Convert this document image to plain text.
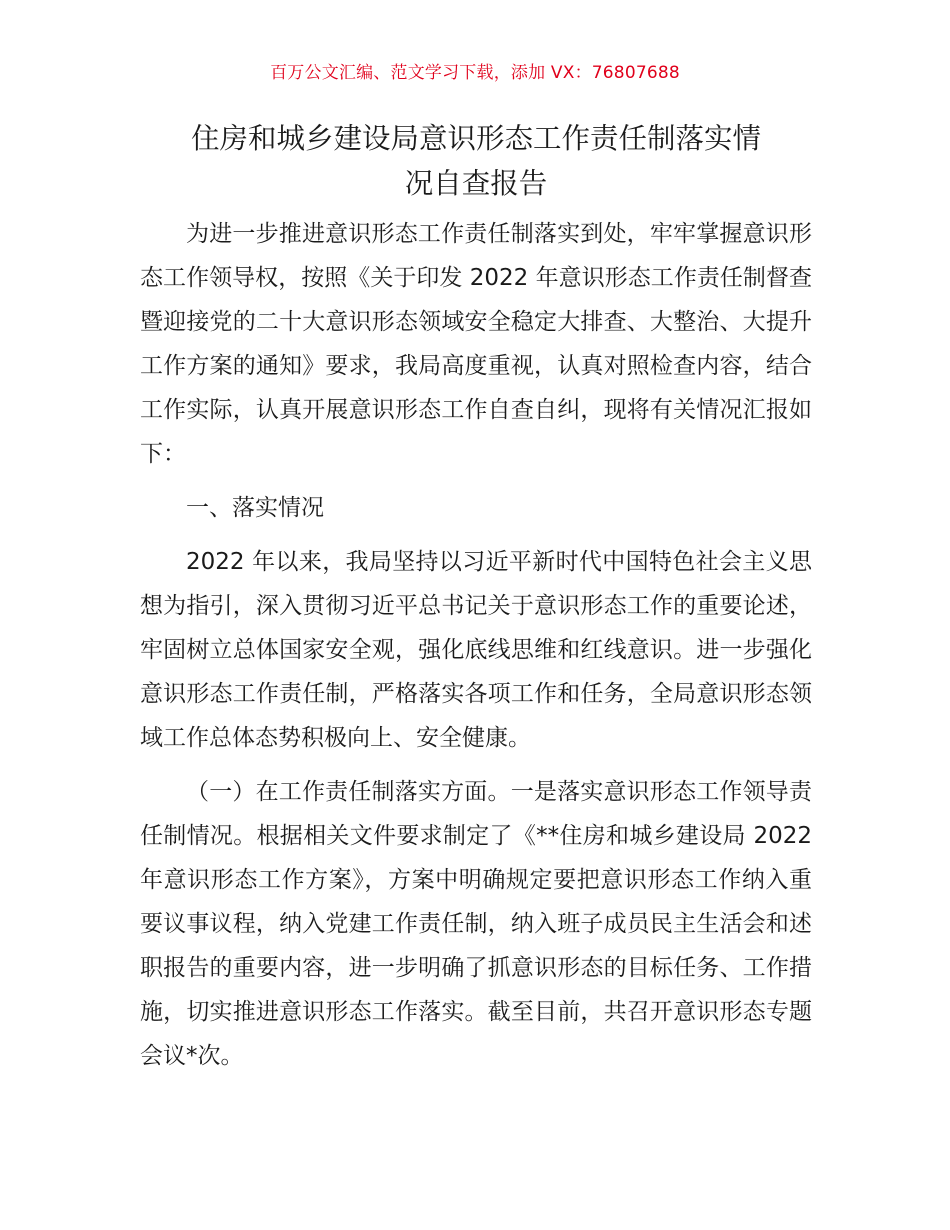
百万公文汇编、范文学习下载，添加 VX：76807688
住房和城乡建设局意识形态工作责任制落实情
况自查报告

为进一步推进意识形态工作责任制落实到处，牢牢掌握意识形态工作领导权，按照《关于印发 2022 年意识形态工作责任制督查暨迎接党的二十大意识形态领域安全稳定大排查、大整治、大提升工作方案的通知》要求，我局高度重视，认真对照检查内容，结合工作实际，认真开展意识形态工作自查自纠，现将有关情况汇报如下：

一、落实情况

2022 年以来，我局坚持以习近平新时代中国特色社会主义思想为指引，深入贯彻习近平总书记关于意识形态工作的重要论述，牢固树立总体国家安全观，强化底线思维和红线意识。进一步强化意识形态工作责任制，严格落实各项工作和任务，全局意识形态领域工作总体态势积极向上、安全健康。

（一）在工作责任制落实方面。一是落实意识形态工作领导责任制情况。根据相关文件要求制定了《**住房和城乡建设局 2022 年意识形态工作方案》，方案中明确规定要把意识形态工作纳入重要议事议程，纳入党建工作责任制，纳入班子成员民主生活会和述职报告的重要内容，进一步明确了抓意识形态的目标任务、工作措施，切实推进意识形态工作落实。截至目前，共召开意识形态专题会议*次。
